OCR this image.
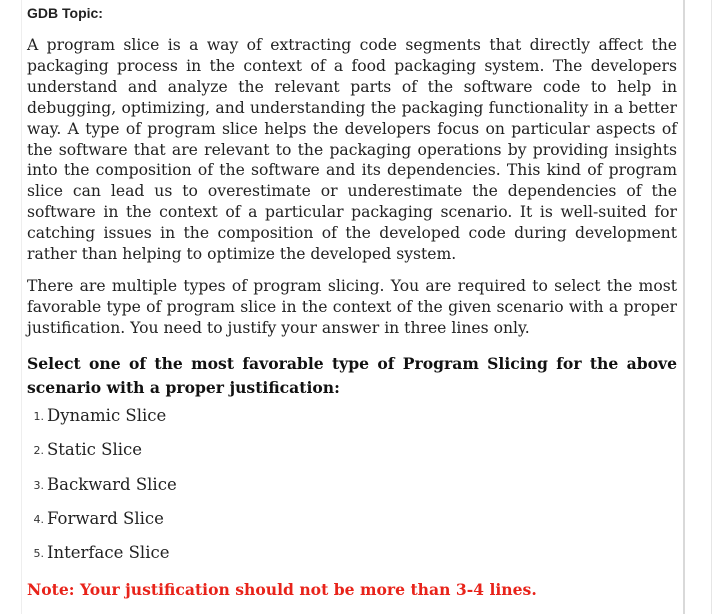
GDB Topic:

A program slice is a way of extracting code segments that directly affect the packaging process in the context of a food packaging system. The developers understand and analyze the relevant parts of the software code to help in debugging, optimizing, and understanding the packaging functionality in a better way. A type of program slice helps the developers focus on particular aspects of the software that are relevant to the packaging operations by providing insights into the composition of the software and its dependencies. This kind of program slice can lead us to overestimate or underestimate the dependencies of the software in the context of a particular packaging scenario. It is well-suited for catching issues in the composition of the developed code during development rather than helping to optimize the developed system.

There are multiple types of program slicing. You are required to select the most favorable type of program slice in the context of the given scenario with a proper justification. You need to justify your answer in three lines only.

Select one of the most favorable type of Program Slicing for the above scenario with a proper justification:

1. Dynamic Slice
2. Static Slice
3. Backward Slice
4. Forward Slice
5. Interface Slice
Note: Your justification should not be more than 3-4 lines.
